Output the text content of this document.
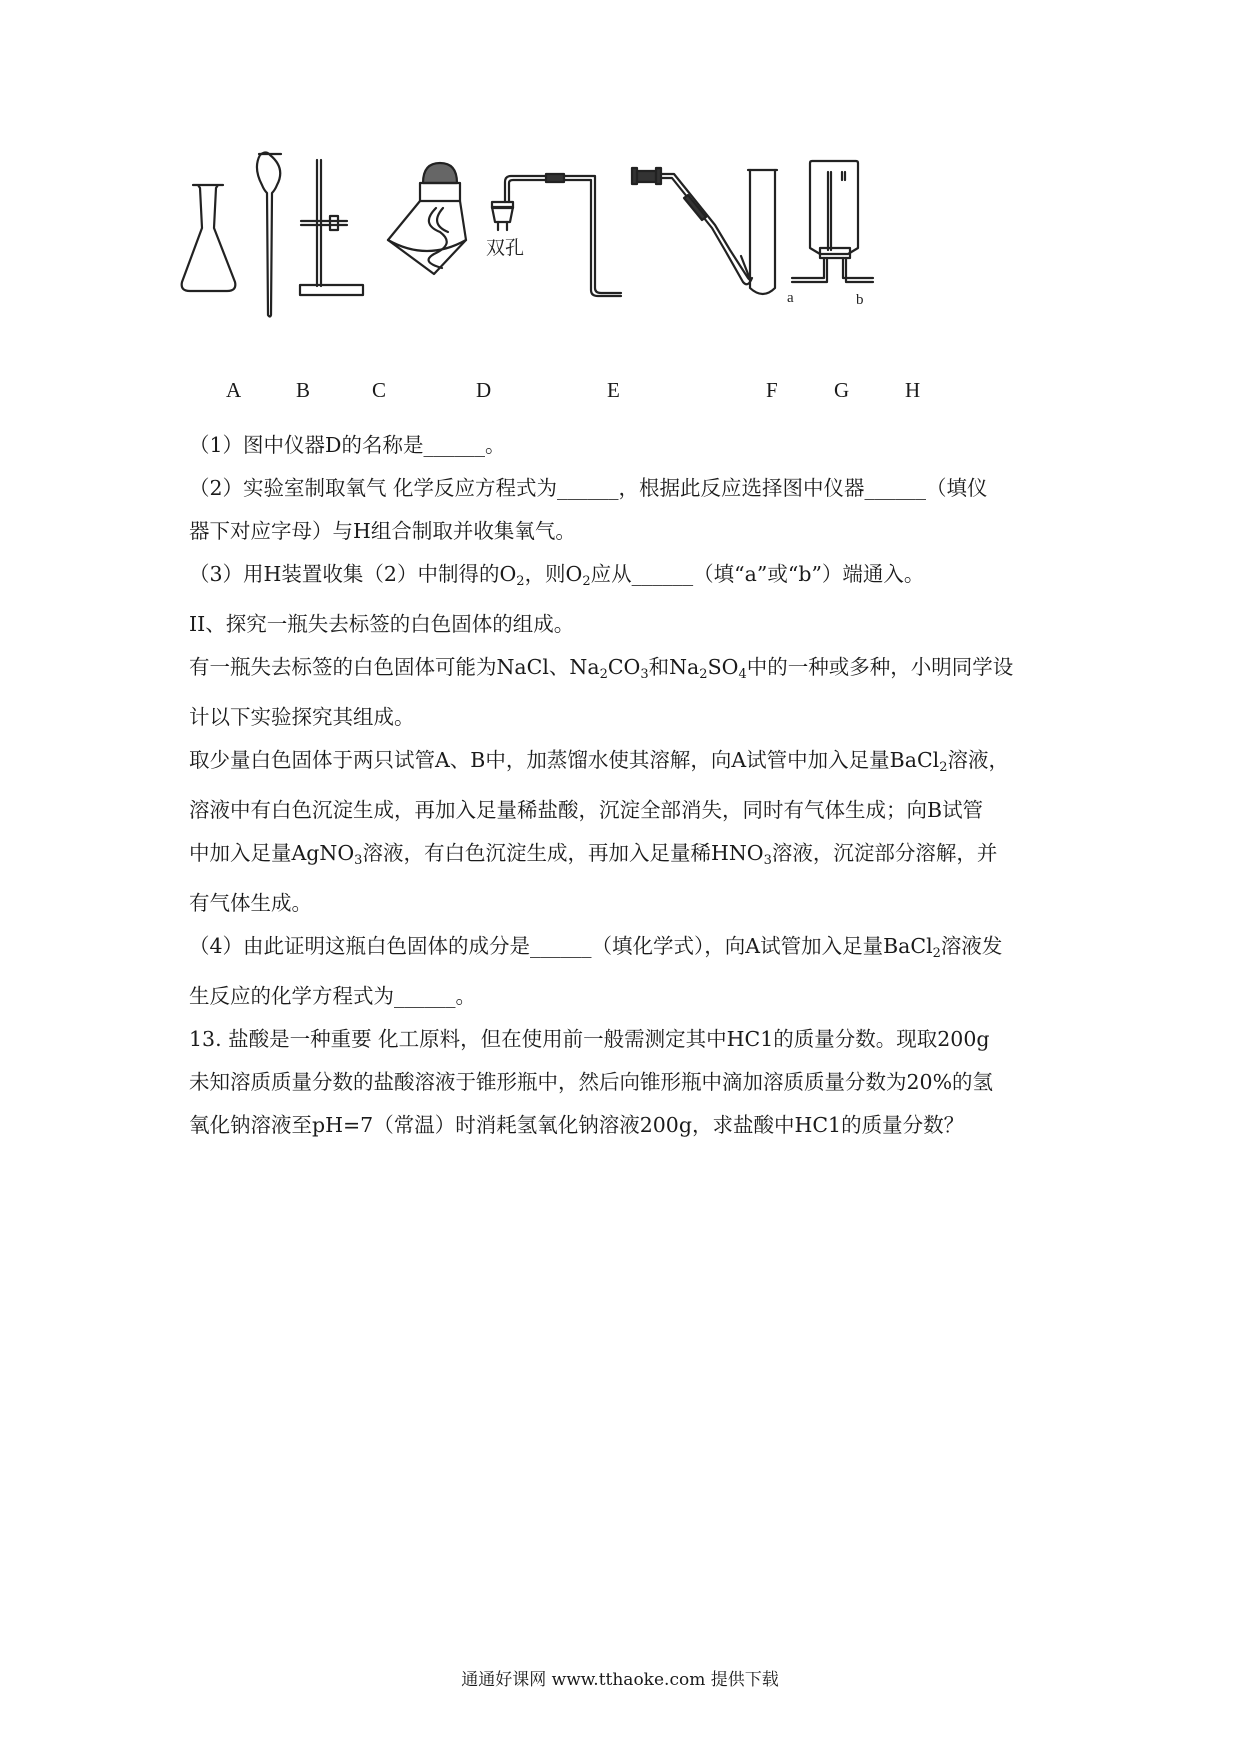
双孔
a	b
A	B	C	D	E	F	G	H

（1）图中仪器D的名称是______。

（2）实验室制取氧气 化学反应方程式为______，根据此反应选择图中仪器______（填仪

器下对应字母）与H组合制取并收集氧气。

（3）用H装置收集（2）中制得的$O_2$，则$O_2$应从______（填“a”或“b”）端通入。

II、探究一瓶失去标签的白色固体的组成。

有一瓶失去标签的白色固体可能为NaCl、$Na_2CO_3$和$Na_2SO_4$中的一种或多种，小明同学设

计以下实验探究其组成。

取少量白色固体于两只试管A、B中，加蒸馏水使其溶解，向A试管中加入足量BaCl$_2$溶液，

溶液中有白色沉淀生成，再加入足量稀盐酸，沉淀全部消失，同时有气体生成；向B试管

中加入足量AgNO$_3$溶液，有白色沉淀生成，再加入足量稀$HNO_3$溶液，沉淀部分溶解，并

有气体生成。

（4）由此证明这瓶白色固体的成分是______（填化学式），向A试管加入足量BaCl$_2$溶液发

生反应的化学方程式为______。

13. 盐酸是一种重要 化工原料，但在使用前一般需测定其中HC1的质量分数。现取200g

未知溶质质量分数的盐酸溶液于锥形瓶中，然后向锥形瓶中滴加溶质质量分数为20%的氢

氧化钠溶液至pH=7（常温）时消耗氢氧化钠溶液200g，求盐酸中HC1的质量分数？

通通好课网 www.tthaoke.com 提供下载
